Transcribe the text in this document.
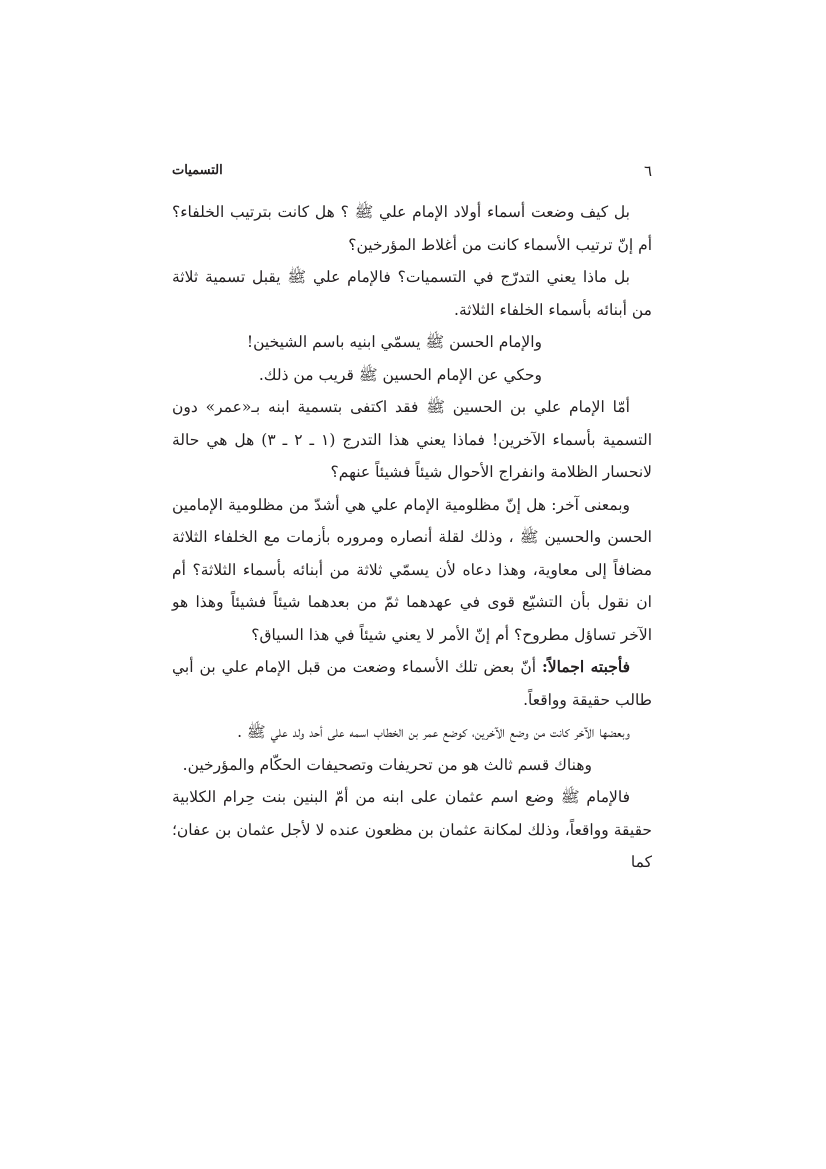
٦
التسميات

بل كيف وضعت أسماء أولاد الإمام علي ﷺ ؟ هل كانت بترتيب الخلفاء؟ أم إنّ ترتيب الأسماء كانت من أغلاط المؤرخين؟

بل ماذا يعني التدرّج في التسميات؟ فالإمام علي ﷺ يقبل تسمية ثلاثة من أبنائه بأسماء الخلفاء الثلاثة.

والإمام الحسن ﷺ يسمّي ابنيه باسم الشيخين!

وحكي عن الإمام الحسين ﷺ قريب من ذلك.

أمّا الإمام علي بن الحسين ﷺ فقد اكتفى بتسمية ابنه بـ«عمر» دون التسمية بأسماء الآخرين! فماذا يعني هذا التدرج (١ ـ ٢ ـ ٣) هل هي حالة لانحسار الظلامة وانفراج الأحوال شيئاً فشيئاً عنهم؟

وبمعنى آخر: هل إنّ مظلومية الإمام علي هي أشدّ من مظلومية الإمامين الحسن والحسين ﷺ ، وذلك لقلة أنصاره ومروره بأزمات مع الخلفاء الثلاثة مضافاً إلى معاوية، وهذا دعاه لأن يسمّي ثلاثة من أبنائه بأسماء الثلاثة؟ أم ان نقول بأن التشيّع قوى في عهدهما ثمّ من بعدهما شيئاً فشيئاً وهذا هو الآخر تساؤل مطروح؟ أم إنّ الأمر لا يعني شيئاً في هذا السياق؟

فأجبته اجمالاً: أنّ بعض تلك الأسماء وضعت من قبل الإمام علي بن أبي طالب حقيقة وواقعاً.

وبعضها الآخر كانت من وضع الآخرين، كوضع عمر بن الخطاب اسمه على أحد ولد علي ﷺ .

وهناك قسم ثالث هو من تحريفات وتصحيفات الحكّام والمؤرخين.

فالإمام ﷺ وضع اسم عثمان على ابنه من أمّ البنين بنت حِرام الكلابية حقيقة وواقعاً، وذلك لمكانة عثمان بن مظعون عنده لا لأجل عثمان بن عفان؛ كما
